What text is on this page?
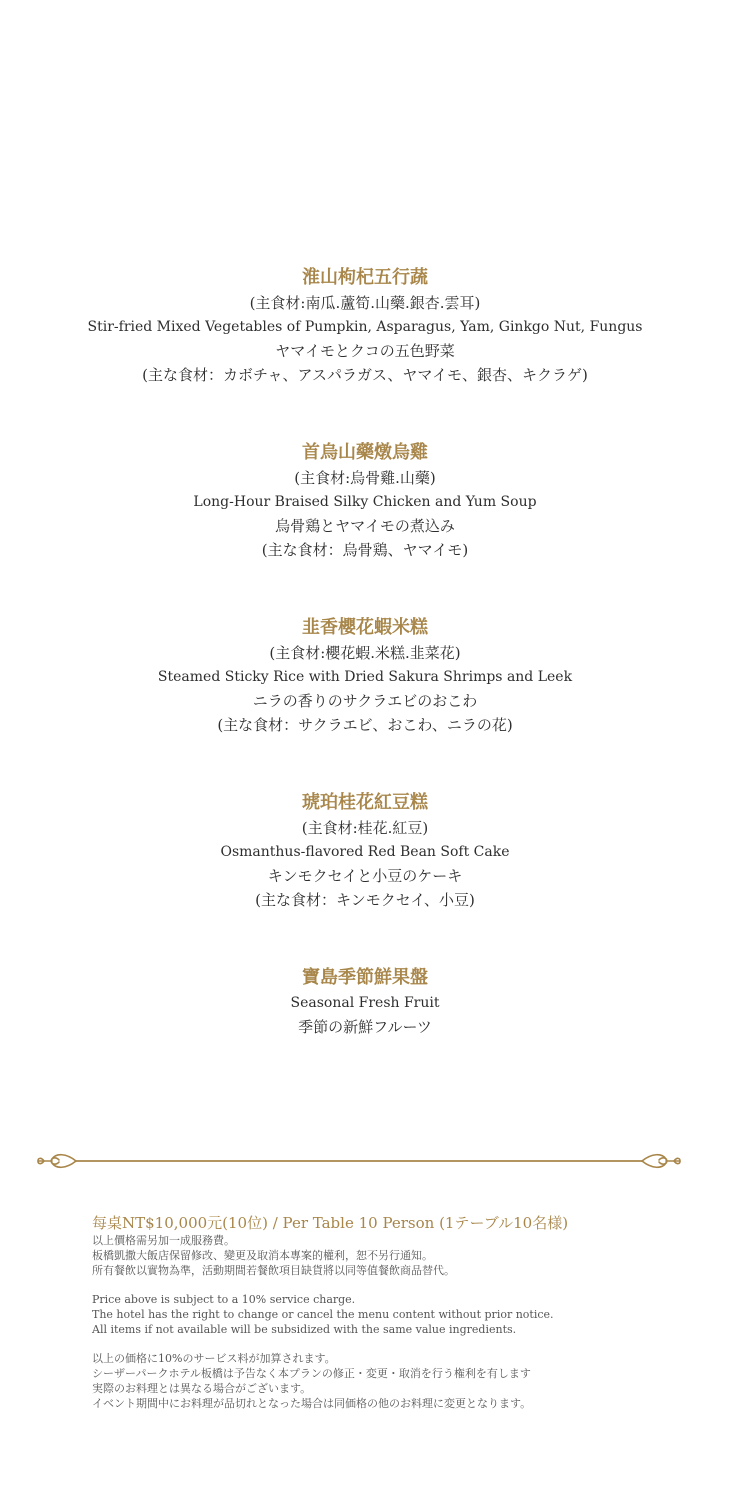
淮山枸杞五行蔬
(主食材:南瓜.蘆筍.山藥.銀杏.雲耳)
Stir-fried Mixed Vegetables of Pumpkin, Asparagus, Yam, Ginkgo Nut, Fungus
ヤマイモとクコの五色野菜
(主な食材：カボチャ、アスパラガス、ヤマイモ、銀杏、キクラゲ)
首烏山藥燉烏雞
(主食材:烏骨雞.山藥)
Long-Hour Braised Silky Chicken and Yum Soup
烏骨鶏とヤマイモの煮込み
(主な食材：烏骨鶏、ヤマイモ)
韭香櫻花蝦米糕
(主食材:櫻花蝦.米糕.韭菜花)
Steamed Sticky Rice with Dried Sakura Shrimps and Leek
ニラの香りのサクラエビのおこわ
(主な食材：サクラエビ、おこわ、ニラの花)
琥珀桂花紅豆糕
(主食材:桂花.紅豆)
Osmanthus-flavored Red Bean Soft Cake
キンモクセイと小豆のケーキ
(主な食材：キンモクセイ、小豆)
寶島季節鮮果盤
Seasonal Fresh Fruit
季節の新鮮フルーツ
每桌NT$10,000元(10位) / Per Table 10 Person (1テーブル10名様)
以上價格需另加一成服務費。
板橋凱撒大飯店保留修改、變更及取消本專案的權利，恕不另行通知。
所有餐飲以實物為準，活動期間若餐飲項目缺貨將以同等值餐飲商品替代。
Price above is subject to a 10% service charge.
The hotel has the right to change or cancel the menu content without prior notice.
All items if not available will be subsidized with the same value ingredients.
以上の価格に10%のサービス料が加算されます。
シーザーパークホテル板橋は予告なく本プランの修正・変更・取消を行う権利を有します
実際のお料理とは異なる場合がございます。
イベント期間中にお料理が品切れとなった場合は同価格の他のお料理に変更となります。
